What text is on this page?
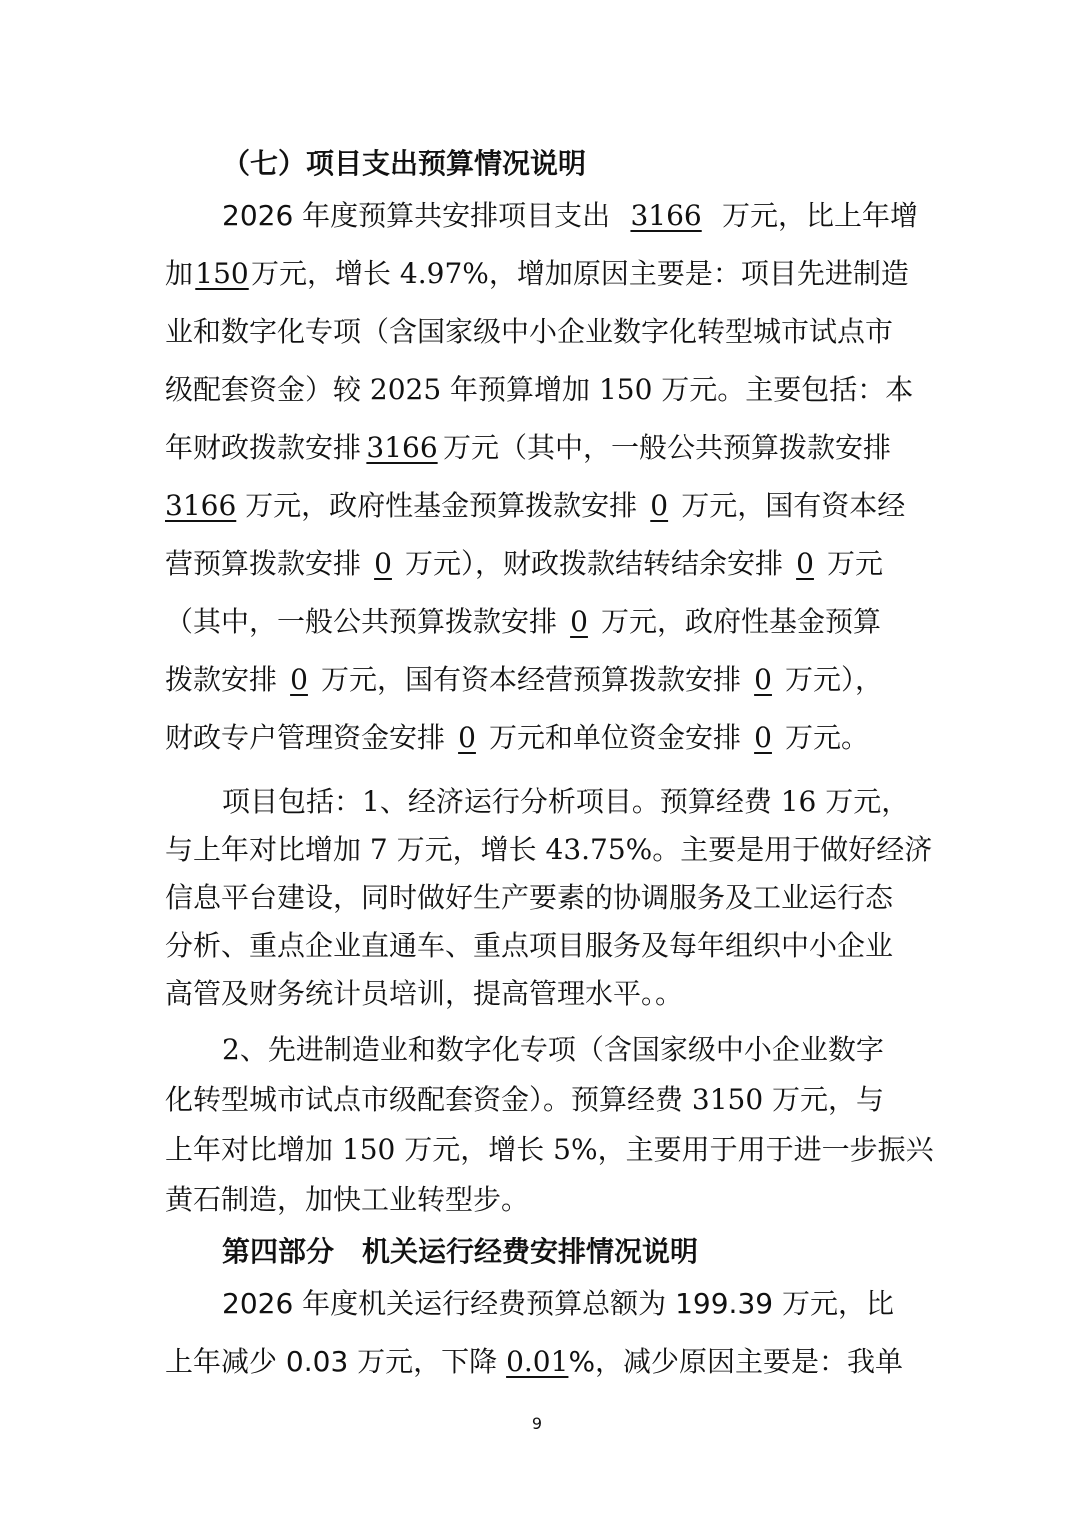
（七）项目支出预算情况说明
2026 年度预算共安排项目支出 3166 万元，比上年增
加150万元，增长 4.97%，增加原因主要是：项目先进制造
业和数字化专项（含国家级中小企业数字化转型城市试点市
级配套资金）较 2025 年预算增加 150 万元。主要包括：本
年财政拨款安排 3166 万元（其中，一般公共预算拨款安排
3166 万元，政府性基金预算拨款安排 0 万元，国有资本经
营预算拨款安排 0 万元），财政拨款结转结余安排 0 万元
（其中，一般公共预算拨款安排 0 万元，政府性基金预算
拨款安排 0 万元，国有资本经营预算拨款安排 0 万元），
财政专户管理资金安排 0 万元和单位资金安排 0 万元。
项目包括：1、经济运行分析项目。预算经费 16 万元，
与上年对比增加 7 万元，增长 43.75%。主要是用于做好经济
信息平台建设，同时做好生产要素的协调服务及工业运行态
分析、重点企业直通车、重点项目服务及每年组织中小企业
高管及财务统计员培训，提高管理水平。。
2、先进制造业和数字化专项（含国家级中小企业数字
化转型城市试点市级配套资金）。预算经费 3150 万元，与
上年对比增加 150 万元，增长 5%，主要用于用于进一步振兴
黄石制造，加快工业转型步。
第四部分　机关运行经费安排情况说明
2026 年度机关运行经费预算总额为 199.39 万元，比
上年减少 0.03 万元，下降 0.01%，减少原因主要是：我单
9
